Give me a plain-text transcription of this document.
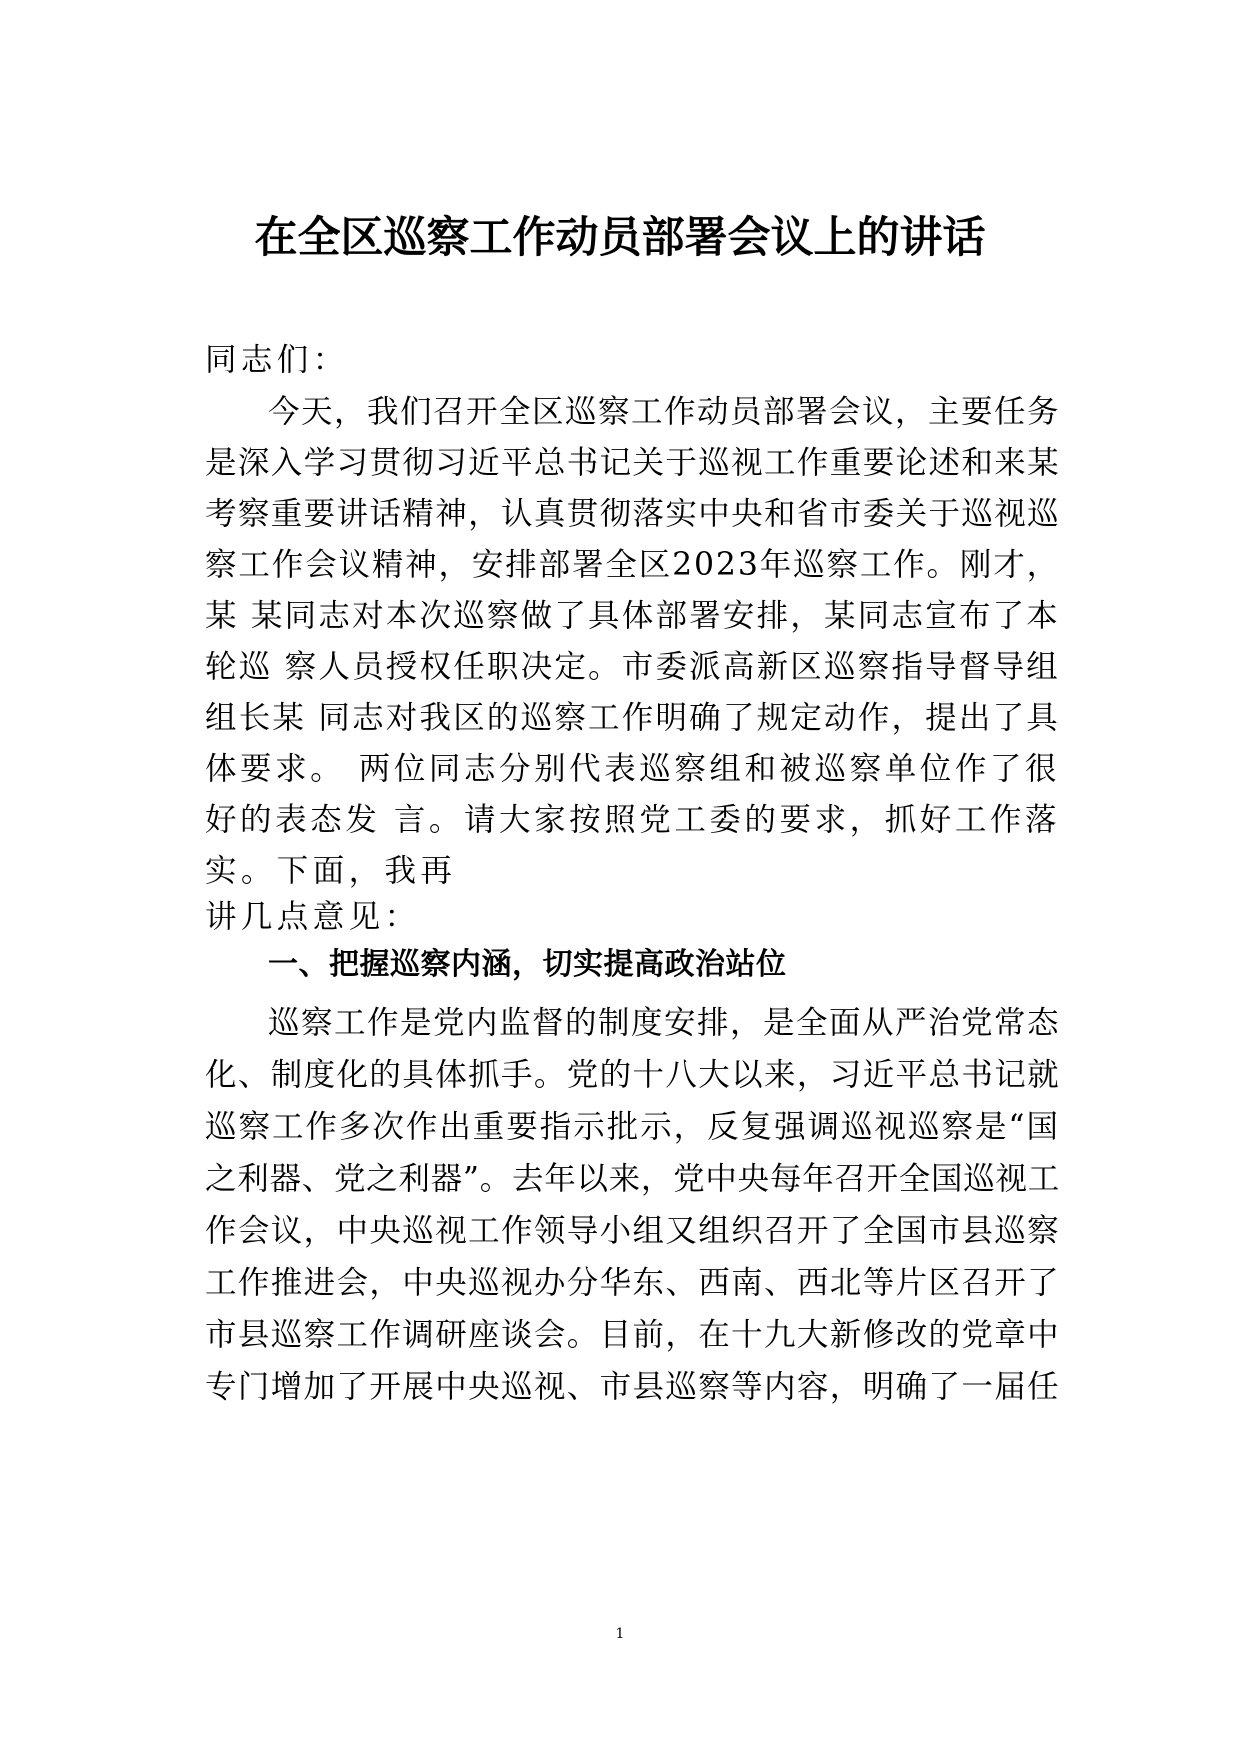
在全区巡察工作动员部署会议上的讲话
同志们：
今天，我们召开全区巡察工作动员部署会议，主要任务
是深入学习贯彻习近平总书记关于巡视工作重要论述和来某
考察重要讲话精神，认真贯彻落实中央和省市委关于巡视巡
察工作会议精神，安排部署全区2023年巡察工作。刚才，
某 某同志对本次巡察做了具体部署安排，某同志宣布了本
轮巡 察人员授权任职决定。市委派高新区巡察指导督导组
组长某 同志对我区的巡察工作明确了规定动作，提出了具
体要求。 两位同志分别代表巡察组和被巡察单位作了很
好的表态发 言。请大家按照党工委的要求，抓好工作落
实。下面，我再
讲几点意见：
一、把握巡察内涵，切实提高政治站位
巡察工作是党内监督的制度安排，是全面从严治党常态
化、制度化的具体抓手。党的十八大以来，习近平总书记就
巡察工作多次作出重要指示批示，反复强调巡视巡察是“国
之利器、党之利器”。去年以来，党中央每年召开全国巡视工
作会议，中央巡视工作领导小组又组织召开了全国市县巡察
工作推进会，中央巡视办分华东、西南、西北等片区召开了
市县巡察工作调研座谈会。目前，在十九大新修改的党章中
专门增加了开展中央巡视、市县巡察等内容，明确了一届任
1
